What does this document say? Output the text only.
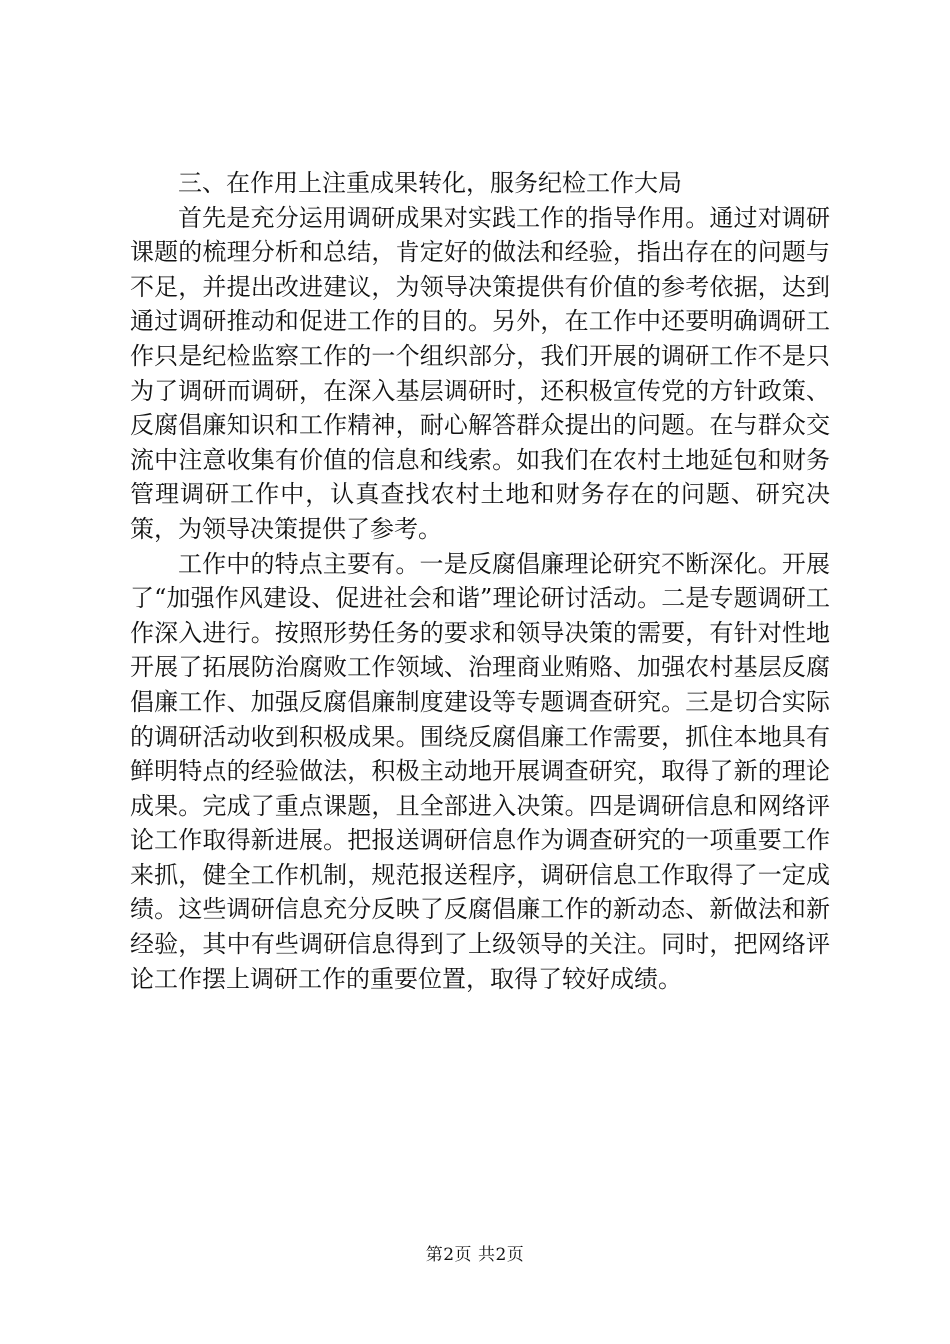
三、在作用上注重成果转化，服务纪检工作大局

首先是充分运用调研成果对实践工作的指导作用。通过对调研课题的梳理分析和总结，肯定好的做法和经验，指出存在的问题与不足，并提出改进建议，为领导决策提供有价值的参考依据，达到通过调研推动和促进工作的目的。另外，在工作中还要明确调研工作只是纪检监察工作的一个组织部分，我们开展的调研工作不是只为了调研而调研，在深入基层调研时，还积极宣传党的方针政策、反腐倡廉知识和工作精神，耐心解答群众提出的问题。在与群众交流中注意收集有价值的信息和线索。如我们在农村土地延包和财务管理调研工作中，认真查找农村土地和财务存在的问题、研究决策，为领导决策提供了参考。

工作中的特点主要有。一是反腐倡廉理论研究不断深化。开展了“加强作风建设、促进社会和谐”理论研讨活动。二是专题调研工作深入进行。按照形势任务的要求和领导决策的需要，有针对性地开展了拓展防治腐败工作领域、治理商业贿赂、加强农村基层反腐倡廉工作、加强反腐倡廉制度建设等专题调查研究。三是切合实际的调研活动收到积极成果。围绕反腐倡廉工作需要，抓住本地具有鲜明特点的经验做法，积极主动地开展调查研究，取得了新的理论成果。完成了重点课题，且全部进入决策。四是调研信息和网络评论工作取得新进展。把报送调研信息作为调查研究的一项重要工作来抓，健全工作机制，规范报送程序，调研信息工作取得了一定成绩。这些调研信息充分反映了反腐倡廉工作的新动态、新做法和新经验，其中有些调研信息得到了上级领导的关注。同时，把网络评论工作摆上调研工作的重要位置，取得了较好成绩。

第2页 共2页
